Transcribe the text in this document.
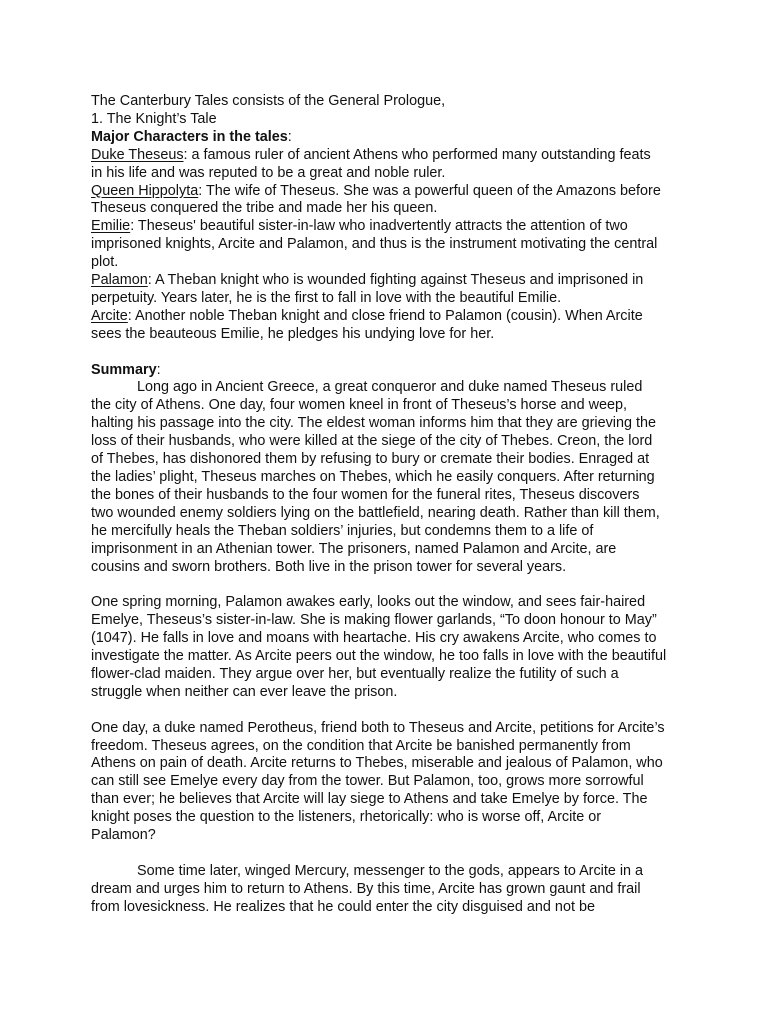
The Canterbury Tales consists of the General Prologue,
1. The Knight’s Tale
Major Characters in the tales:
Duke Theseus: a famous ruler of ancient Athens who performed many outstanding feats
in his life and was reputed to be a great and noble ruler.
Queen Hippolyta: The wife of Theseus. She was a powerful queen of the Amazons before
Theseus conquered the tribe and made her his queen.
Emilie: Theseus' beautiful sister-in-law who inadvertently attracts the attention of two
imprisoned knights, Arcite and Palamon, and thus is the instrument motivating the central
plot.
Palamon: A Theban knight who is wounded fighting against Theseus and imprisoned in
perpetuity. Years later, he is the first to fall in love with the beautiful Emilie.
Arcite: Another noble Theban knight and close friend to Palamon (cousin). When Arcite
sees the beauteous Emilie, he pledges his undying love for her.
Summary:
Long ago in Ancient Greece, a great conqueror and duke named Theseus ruled
the city of Athens. One day, four women kneel in front of Theseus’s horse and weep,
halting his passage into the city. The eldest woman informs him that they are grieving the
loss of their husbands, who were killed at the siege of the city of Thebes. Creon, the lord
of Thebes, has dishonored them by refusing to bury or cremate their bodies. Enraged at
the ladies’ plight, Theseus marches on Thebes, which he easily conquers. After returning
the bones of their husbands to the four women for the funeral rites, Theseus discovers
two wounded enemy soldiers lying on the battlefield, nearing death. Rather than kill them,
he mercifully heals the Theban soldiers’ injuries, but condemns them to a life of
imprisonment in an Athenian tower. The prisoners, named Palamon and Arcite, are
cousins and sworn brothers. Both live in the prison tower for several years.
One spring morning, Palamon awakes early, looks out the window, and sees fair-haired
Emelye, Theseus’s sister-in-law. She is making flower garlands, “To doon honour to May”
(1047). He falls in love and moans with heartache. His cry awakens Arcite, who comes to
investigate the matter. As Arcite peers out the window, he too falls in love with the beautiful
flower-clad maiden. They argue over her, but eventually realize the futility of such a
struggle when neither can ever leave the prison.
One day, a duke named Perotheus, friend both to Theseus and Arcite, petitions for Arcite’s
freedom. Theseus agrees, on the condition that Arcite be banished permanently from
Athens on pain of death. Arcite returns to Thebes, miserable and jealous of Palamon, who
can still see Emelye every day from the tower. But Palamon, too, grows more sorrowful
than ever; he believes that Arcite will lay siege to Athens and take Emelye by force. The
knight poses the question to the listeners, rhetorically: who is worse off, Arcite or
Palamon?
Some time later, winged Mercury, messenger to the gods, appears to Arcite in a
dream and urges him to return to Athens. By this time, Arcite has grown gaunt and frail
from lovesickness. He realizes that he could enter the city disguised and not be
